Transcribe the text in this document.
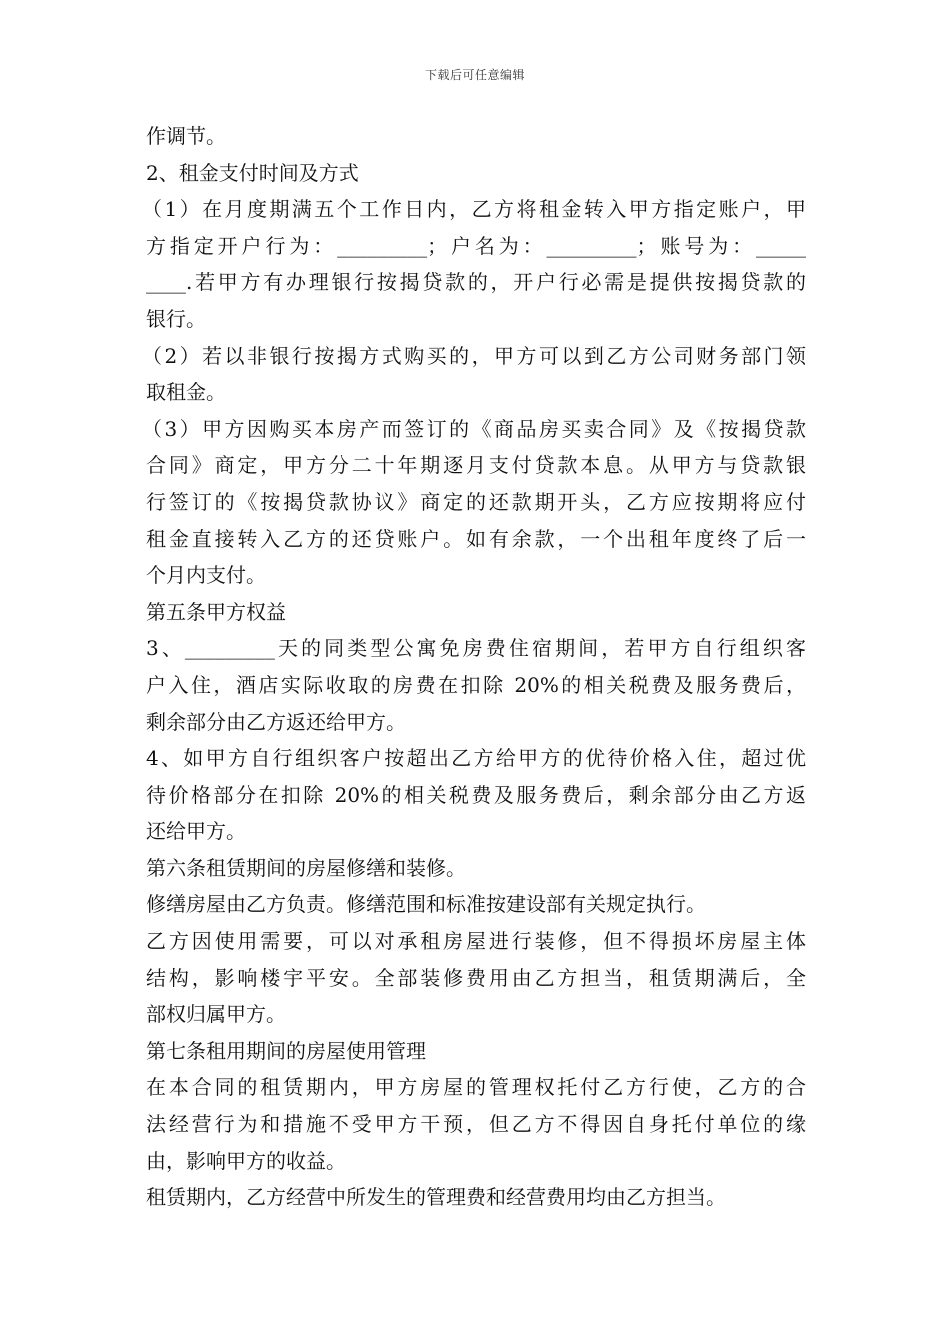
下载后可任意编辑
作调节。
2、租金支付时间及方式
（1）在月度期满五个工作日内，乙方将租金转入甲方指定账户，甲
方指定开户行为：_________；户名为：_________；账号为：_____
____.若甲方有办理银行按揭贷款的，开户行必需是提供按揭贷款的
银行。
（2）若以非银行按揭方式购买的，甲方可以到乙方公司财务部门领
取租金。
（3）甲方因购买本房产而签订的《商品房买卖合同》及《按揭贷款
合同》商定，甲方分二十年期逐月支付贷款本息。从甲方与贷款银
行签订的《按揭贷款协议》商定的还款期开头，乙方应按期将应付
租金直接转入乙方的还贷账户。如有余款，一个出租年度终了后一
个月内支付。
第五条甲方权益
3、_________天的同类型公寓免房费住宿期间，若甲方自行组织客
户入住，酒店实际收取的房费在扣除 20%的相关税费及服务费后，
剩余部分由乙方返还给甲方。
4、如甲方自行组织客户按超出乙方给甲方的优待价格入住，超过优
待价格部分在扣除 20%的相关税费及服务费后，剩余部分由乙方返
还给甲方。
第六条租赁期间的房屋修缮和装修。
修缮房屋由乙方负责。修缮范围和标准按建设部有关规定执行。
乙方因使用需要，可以对承租房屋进行装修，但不得损坏房屋主体
结构，影响楼宇平安。全部装修费用由乙方担当，租赁期满后，全
部权归属甲方。
第七条租用期间的房屋使用管理
在本合同的租赁期内，甲方房屋的管理权托付乙方行使，乙方的合
法经营行为和措施不受甲方干预，但乙方不得因自身托付单位的缘
由，影响甲方的收益。
租赁期内，乙方经营中所发生的管理费和经营费用均由乙方担当。
